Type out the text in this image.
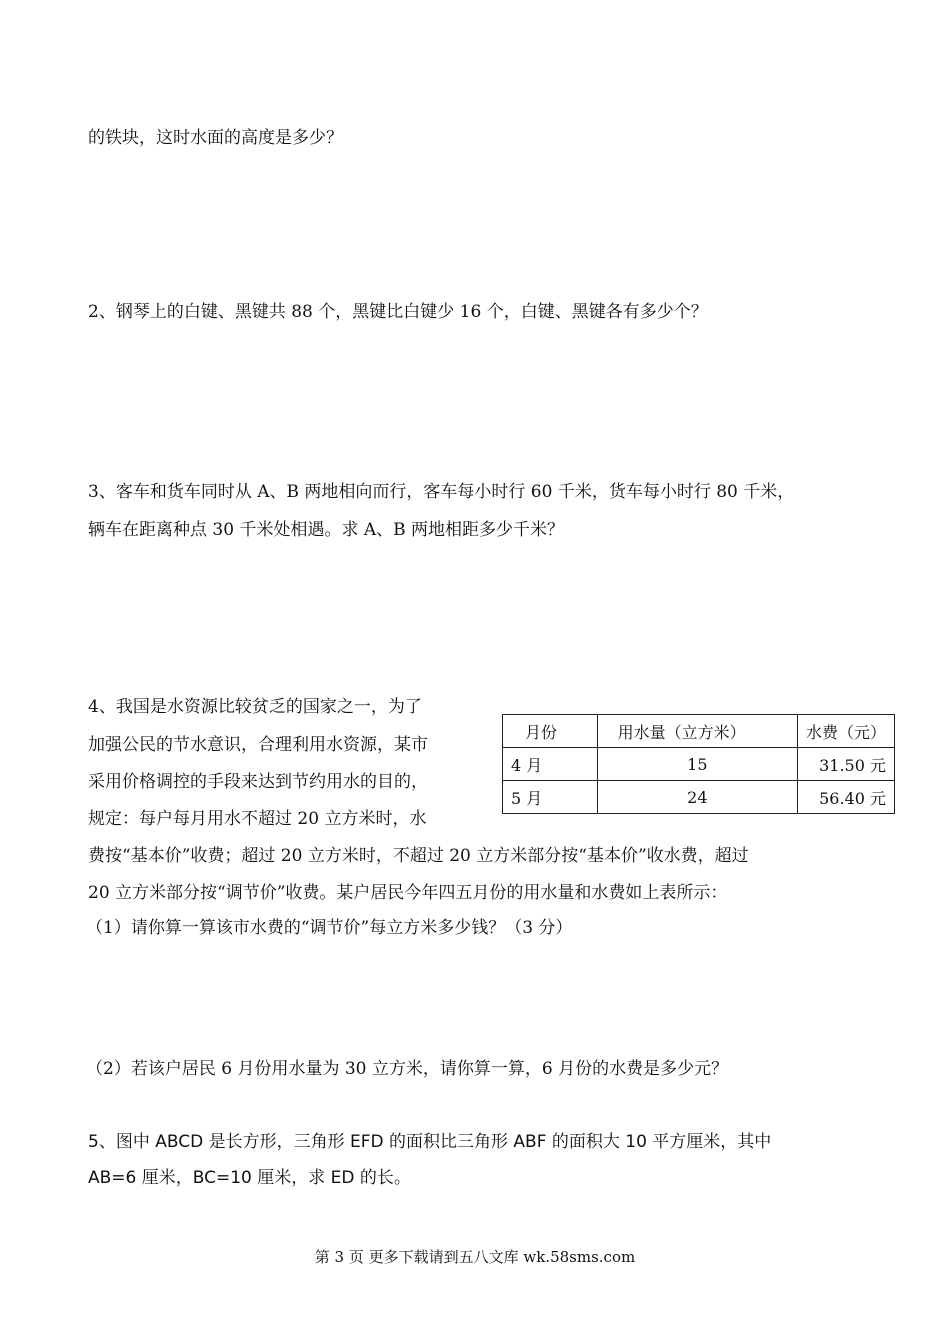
的铁块，这时水面的高度是多少？
2、钢琴上的白键、黑键共 88 个，黑键比白键少 16 个，白键、黑键各有多少个？
3、客车和货车同时从 A、B 两地相向而行，客车每小时行 60 千米，货车每小时行 80 千米，
辆车在距离种点 30 千米处相遇。求 A、B 两地相距多少千米？
4、我国是水资源比较贫乏的国家之一，为了
加强公民的节水意识，合理利用水资源，某市
采用价格调控的手段来达到节约用水的目的，
规定：每户每月用水不超过 20 立方米时，水
费按“基本价”收费；超过 20 立方米时，不超过 20 立方米部分按“基本价”收水费，超过
20 立方米部分按“调节价”收费。某户居民今年四五月份的用水量和水费如上表所示：
（1）请你算一算该市水费的“调节价”每立方米多少钱？（3 分）
（2）若该户居民 6 月份用水量为 30 立方米，请你算一算，6 月份的水费是多少元？
月份	用水量（立方米）	水费（元）
4 月	15	31.50 元
5 月	24	56.40 元
5、图中 ABCD 是长方形，三角形 EFD 的面积比三角形 ABF 的面积大 10 平方厘米，其中
AB=6 厘米，BC=10 厘米，求 ED 的长。
第 3 页 更多下载请到五八文库 wk.58sms.com
